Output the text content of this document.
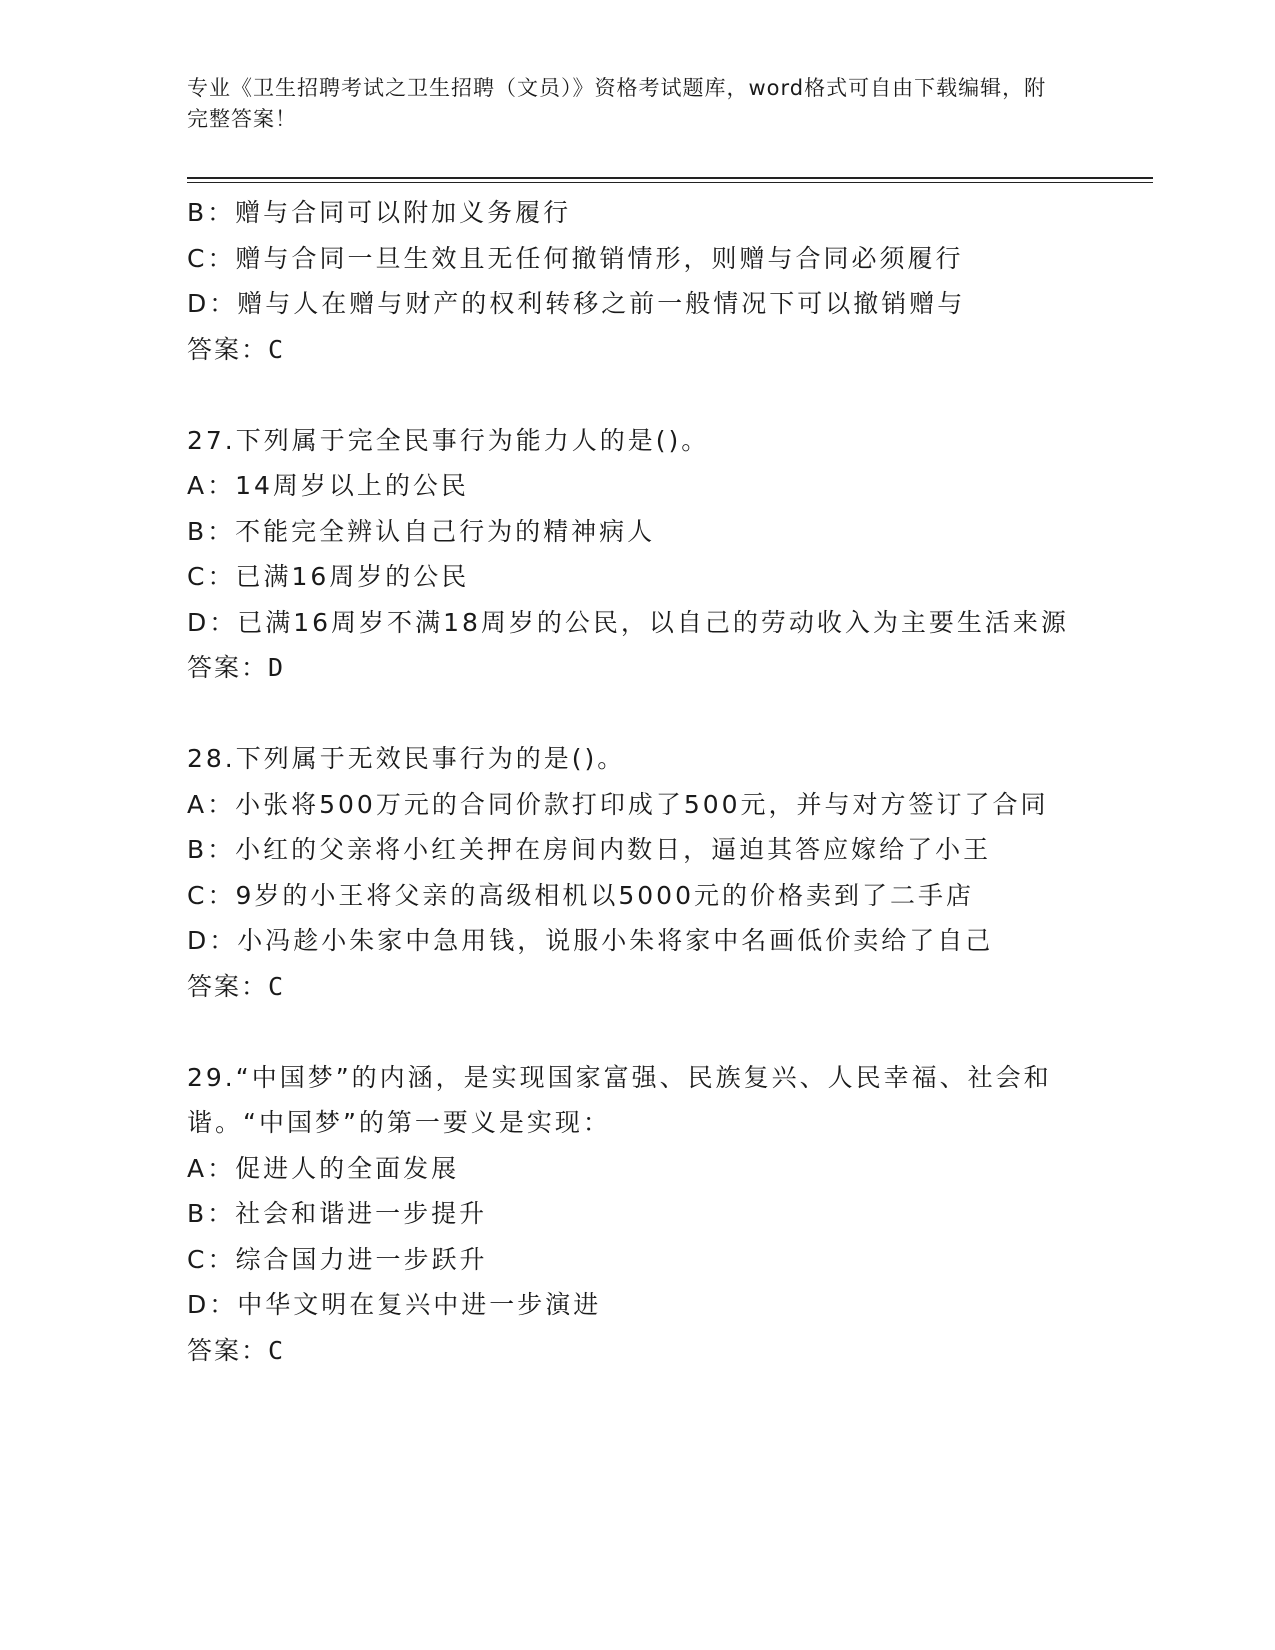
专业《卫生招聘考试之卫生招聘（文员）》资格考试题库，word格式可自由下载编辑，附完整答案！
B：赠与合同可以附加义务履行
C：赠与合同一旦生效且无任何撤销情形，则赠与合同必须履行
D：赠与人在赠与财产的权利转移之前一般情况下可以撤销赠与
答案：C
27.下列属于完全民事行为能力人的是()。
A：14周岁以上的公民
B：不能完全辨认自己行为的精神病人
C：已满16周岁的公民
D：已满16周岁不满18周岁的公民，以自己的劳动收入为主要生活来源
答案：D
28.下列属于无效民事行为的是()。
A：小张将500万元的合同价款打印成了500元，并与对方签订了合同
B：小红的父亲将小红关押在房间内数日，逼迫其答应嫁给了小王
C：9岁的小王将父亲的高级相机以5000元的价格卖到了二手店
D：小冯趁小朱家中急用钱，说服小朱将家中名画低价卖给了自己
答案：C
29.“中国梦”的内涵，是实现国家富强、民族复兴、人民幸福、社会和谐。“中国梦”的第一要义是实现：
A：促进人的全面发展
B：社会和谐进一步提升
C：综合国力进一步跃升
D：中华文明在复兴中进一步演进
答案：C
